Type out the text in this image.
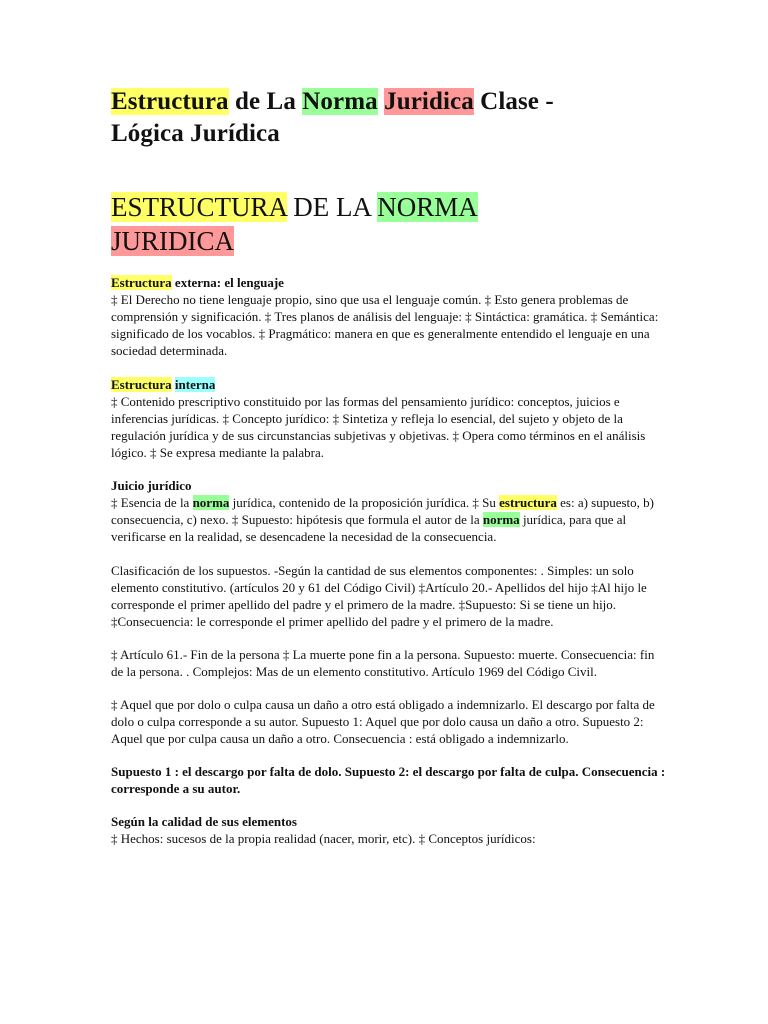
Estructura de La Norma Juridica Clase -
Lógica Jurídica
ESTRUCTURA DE LA NORMA
JURIDICA
Estructura externa: el lenguaje

‡ El Derecho no tiene lenguaje propio, sino que usa el lenguaje común. ‡ Esto genera problemas de comprensión y significación. ‡ Tres planos de análisis del lenguaje: ‡ Sintáctica: gramática. ‡ Semántica: significado de los vocablos. ‡ Pragmático: manera en que es generalmente entendido el lenguaje en una sociedad determinada.

Estructura interna

‡ Contenido prescriptivo constituido por las formas del pensamiento jurídico: conceptos, juicios e inferencias jurídicas. ‡ Concepto jurídico: ‡ Sintetiza y refleja lo esencial, del sujeto y objeto de la regulación jurídica y de sus circunstancias subjetivas y objetivas. ‡ Opera como términos en el análisis lógico. ‡ Se expresa mediante la palabra.

Juicio jurídico

‡ Esencia de la norma jurídica, contenido de la proposición jurídica. ‡ Su estructura es: a) supuesto, b) consecuencia, c) nexo. ‡ Supuesto: hipótesis que formula el autor de la norma jurídica, para que al verificarse en la realidad, se desencadene la necesidad de la consecuencia.

Clasificación de los supuestos. -Según la cantidad de sus elementos componentes: . Simples: un solo elemento constitutivo. (artículos 20 y 61 del Código Civil) ‡Artículo 20.- Apellidos del hijo ‡Al hijo le corresponde el primer apellido del padre y el primero de la madre. ‡Supuesto: Si se tiene un hijo. ‡Consecuencia: le corresponde el primer apellido del padre y el primero de la madre.

‡ Artículo 61.- Fin de la persona ‡ La muerte pone fin a la persona. Supuesto: muerte. Consecuencia: fin de la persona. . Complejos: Mas de un elemento constitutivo. Artículo 1969 del Código Civil.

‡ Aquel que por dolo o culpa causa un daño a otro está obligado a indemnizarlo. El descargo por falta de dolo o culpa corresponde a su autor. Supuesto 1: Aquel que por dolo causa un daño a otro. Supuesto 2: Aquel que por culpa causa un daño a otro. Consecuencia : está obligado a indemnizarlo.

Supuesto 1 : el descargo por falta de dolo. Supuesto 2: el descargo por falta de culpa. Consecuencia : corresponde a su autor.

Según la calidad de sus elementos

‡ Hechos: sucesos de la propia realidad (nacer, morir, etc). ‡ Conceptos jurídicos:
